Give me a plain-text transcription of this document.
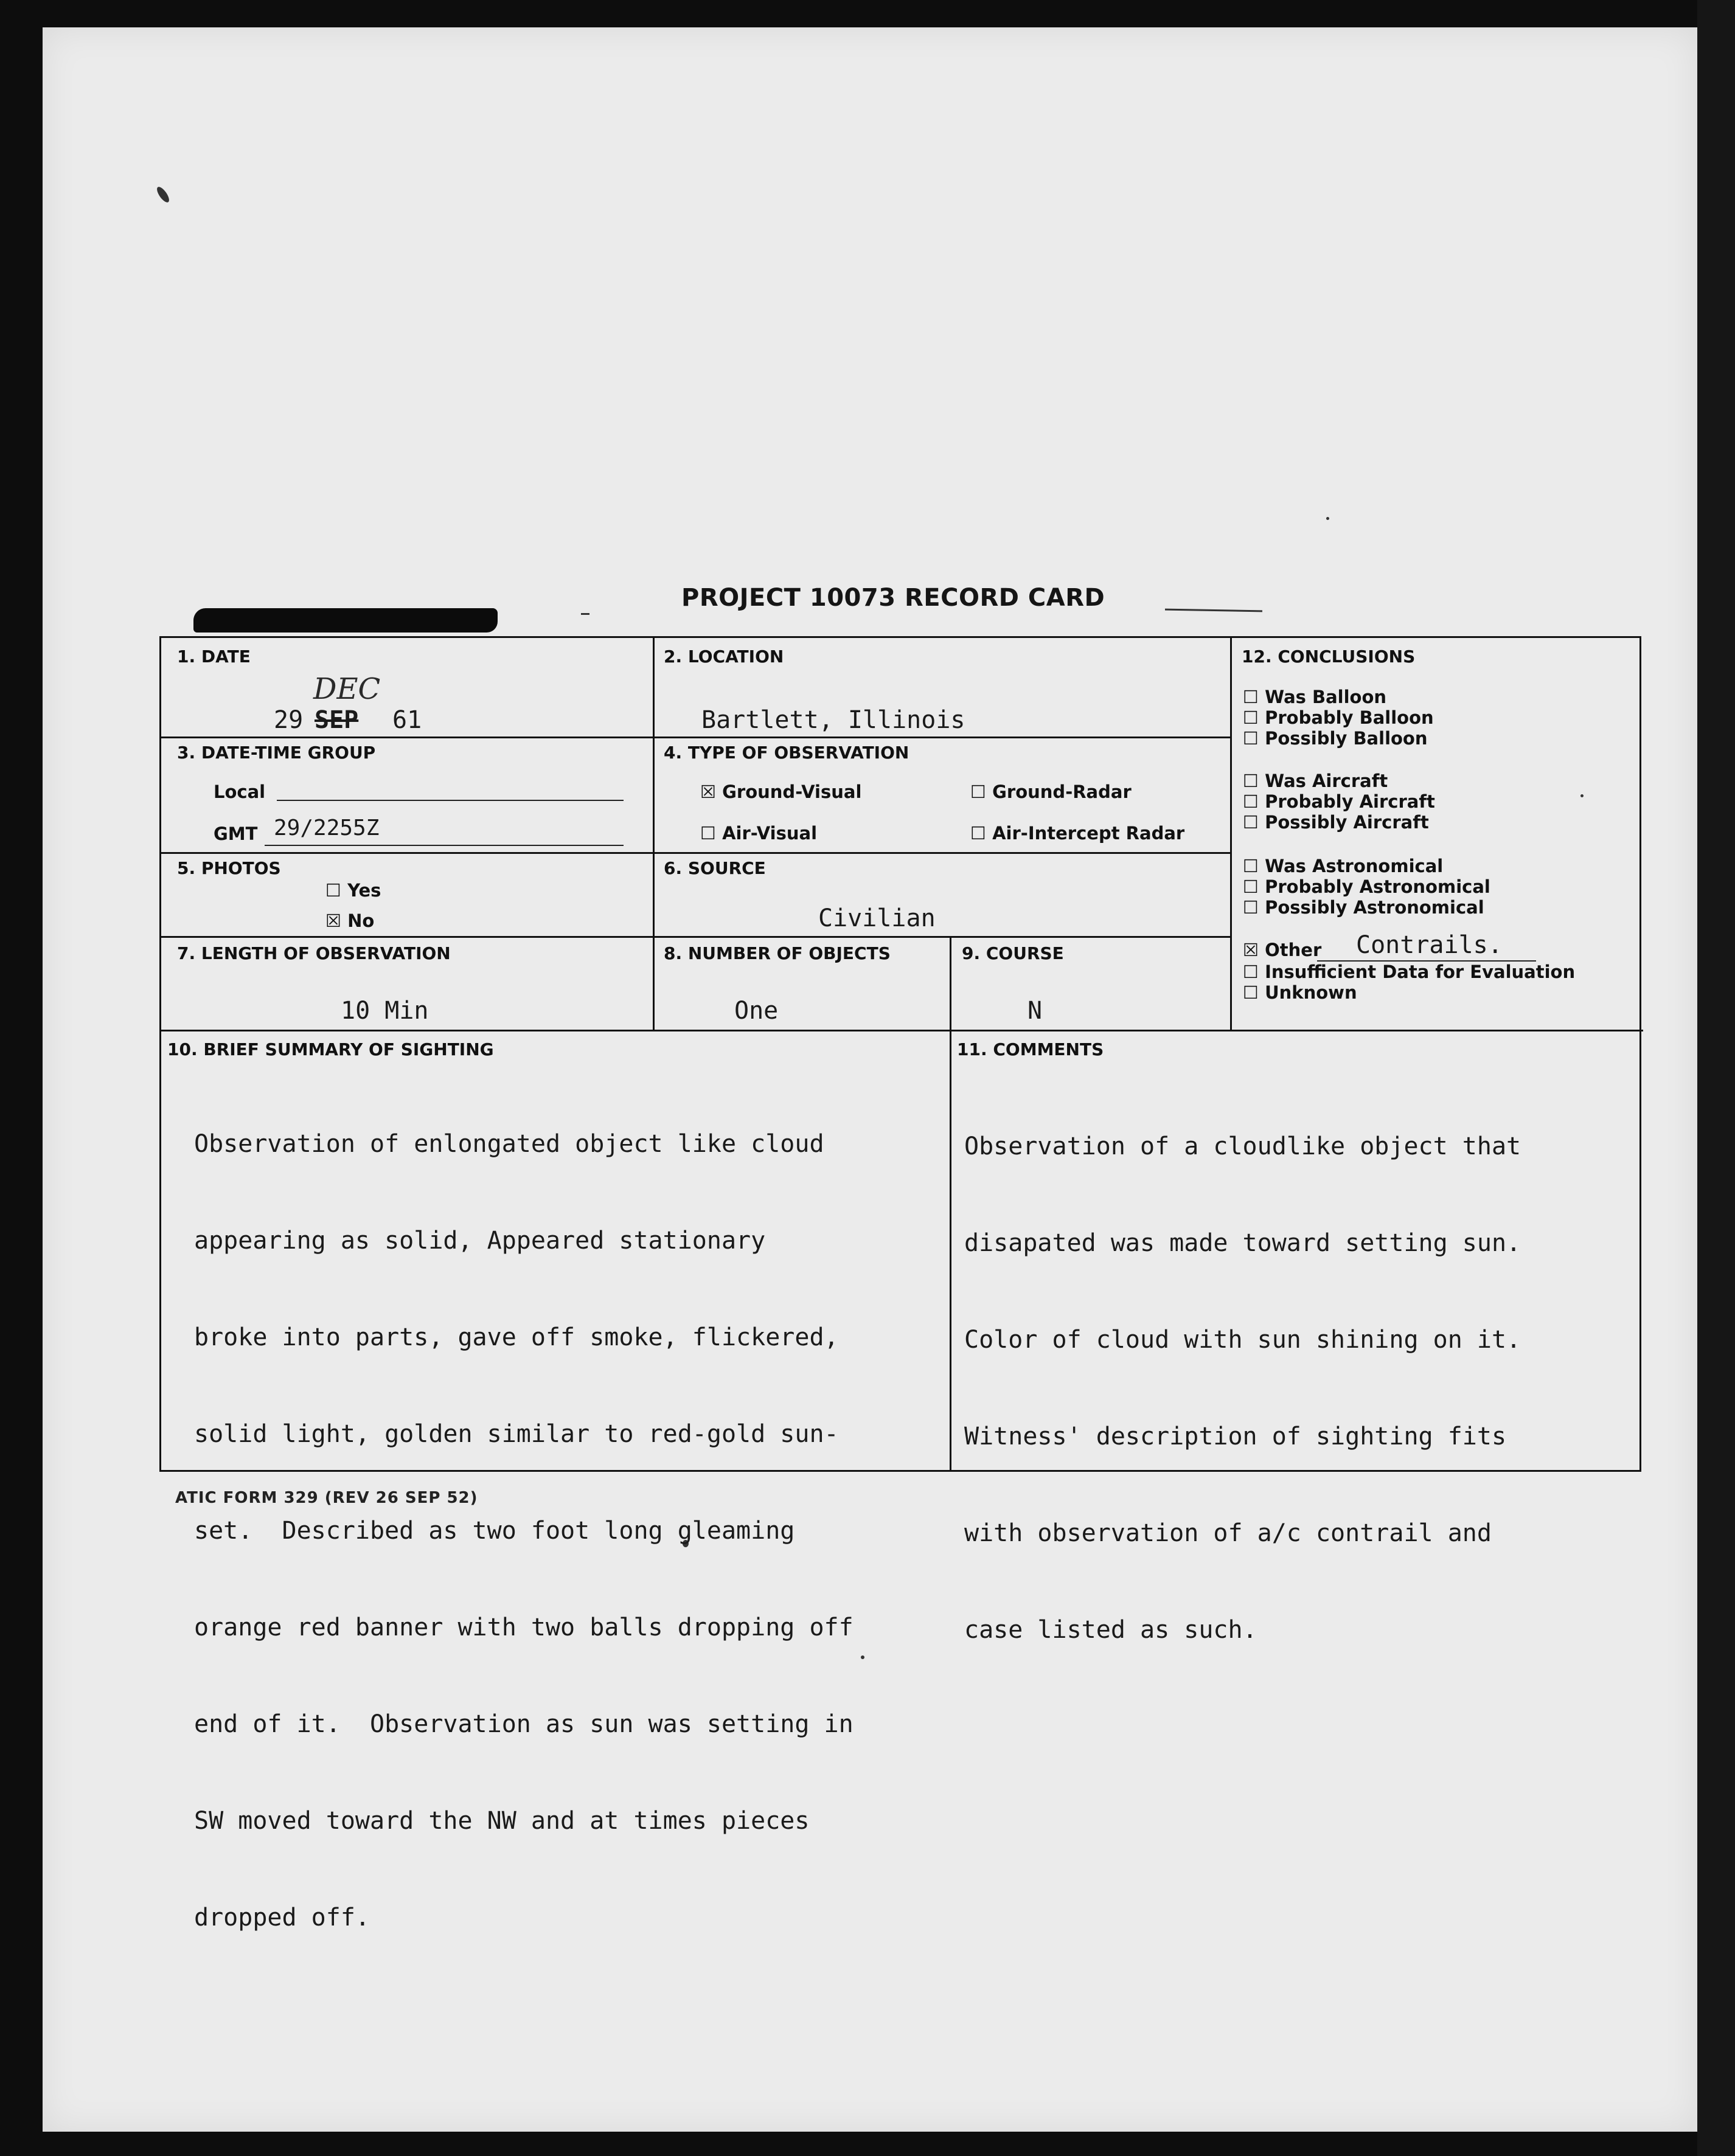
PROJECT 10073 RECORD CARD
1. DATE
DEC
29 SEP 61
2. LOCATION
Bartlett, Illinois
3. DATE-TIME GROUP
Local
GMT 29/2255Z
4. TYPE OF OBSERVATION
☒ Ground-Visual	☐ Ground-Radar
☐ Air-Visual	☐ Air-Intercept Radar
5. PHOTOS
☐ Yes
☒ No
6. SOURCE
Civilian
7. LENGTH OF OBSERVATION
10 Min
8. NUMBER OF OBJECTS
One
9. COURSE
N
12. CONCLUSIONS
☐ Was Balloon
☐ Probably Balloon
☐ Possibly Balloon
☐ Was Aircraft
☐ Probably Aircraft
☐ Possibly Aircraft
☐ Was Astronomical
☐ Probably Astronomical
☐ Possibly Astronomical
☒ Other Contrails.
☐ Insufficient Data for Evaluation
☐ Unknown
10. BRIEF SUMMARY OF SIGHTING

Observation of enlongated object like cloud

appearing as solid, Appeared stationary

broke into parts, gave off smoke, flickered,

solid light, golden similar to red-gold sun-

set.  Described as two foot long gleaming

orange red banner with two balls dropping off

end of it.  Observation as sun was setting in

SW moved toward the NW and at times pieces

dropped off.

11. COMMENTS

Observation of a cloudlike object that

disapated was made toward setting sun.

Color of cloud with sun shining on it.

Witness' description of sighting fits

with observation of a/c contrail and

case listed as such.

ATIC FORM 329 (REV 26 SEP 52)
